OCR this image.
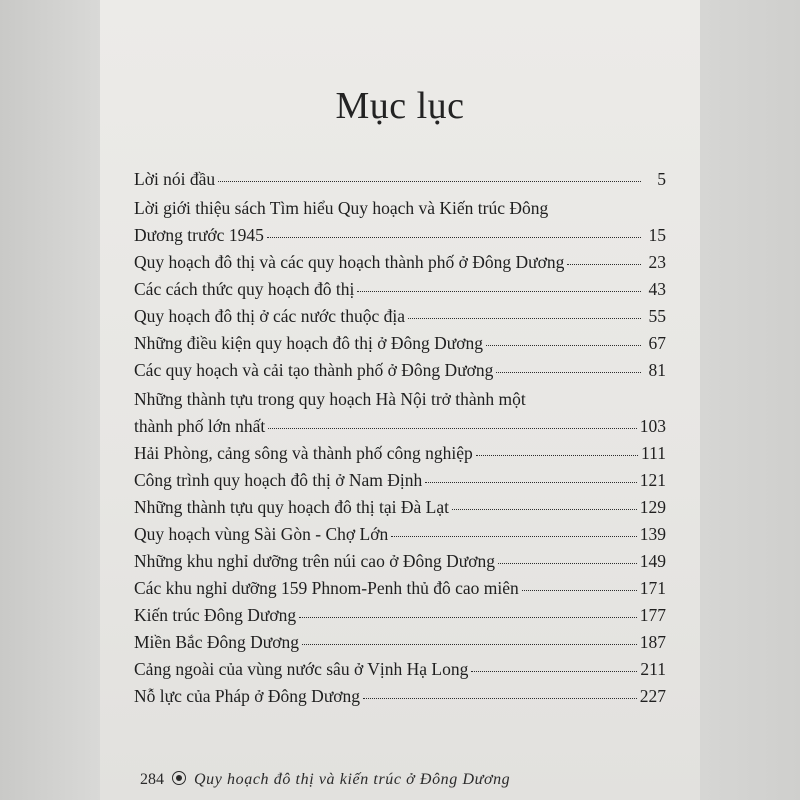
Mục lục
Lời nói đầu	5
Lời giới thiệu sách Tìm hiểu Quy hoạch và Kiến trúc Đông
Dương trước 1945	15
Quy hoạch đô thị và các quy hoạch thành phố ở Đông Dương	23
Các cách thức quy hoạch đô thị	43
Quy hoạch đô thị ở các nước thuộc địa	55
Những điều kiện quy hoạch đô thị ở Đông Dương	67
Các quy hoạch và cải tạo thành phố ở Đông Dương	81
Những thành tựu trong quy hoạch Hà Nội trở thành một
thành phố lớn nhất	103
Hải Phòng, cảng sông và thành phố công nghiệp	111
Công trình quy hoạch đô thị ở Nam Định	121
Những thành tựu quy hoạch đô thị tại Đà Lạt	129
Quy hoạch vùng Sài Gòn - Chợ Lớn	139
Những khu nghỉ dưỡng trên núi cao ở Đông Dương	149
Các khu nghỉ dưỡng 159 Phnom-Penh thủ đô cao miên	171
Kiến trúc Đông Dương	177
Miền Bắc Đông Dương	187
Cảng ngoài của vùng nước sâu ở Vịnh Hạ Long	211
Nỗ lực của Pháp ở Đông Dương	227
284 Quy hoạch đô thị và kiến trúc ở Đông Dương
